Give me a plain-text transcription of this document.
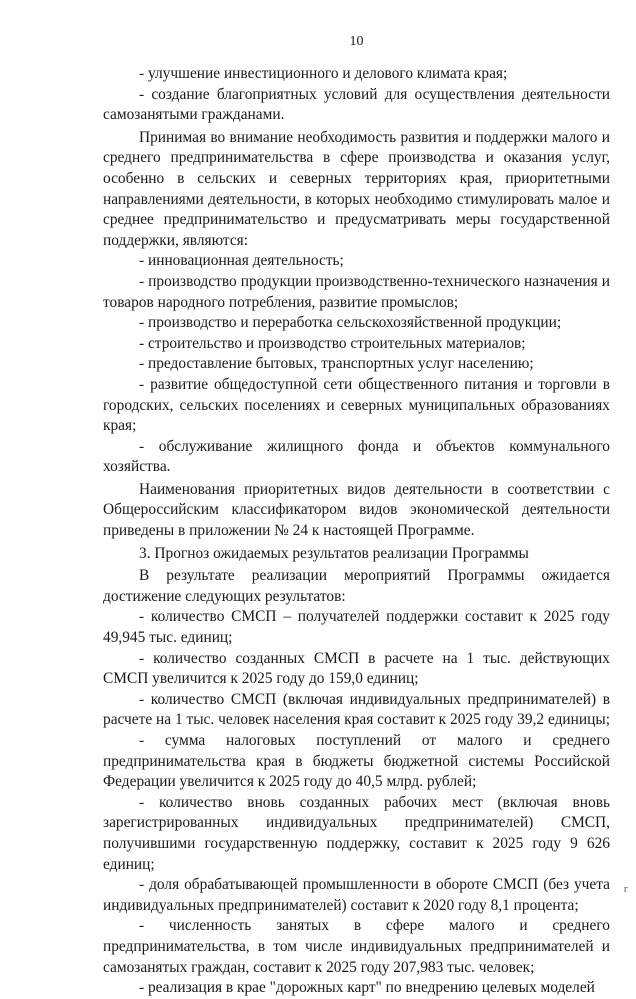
10

- улучшение инвестиционного и делового климата края;

- создание благоприятных условий для осуществления деятельности самозанятыми гражданами.

Принимая во внимание необходимость развития и поддержки малого и среднего предпринимательства в сфере производства и оказания услуг, особенно в сельских и северных территориях края, приоритетными направлениями деятельности, в которых необходимо стимулировать малое и среднее предпринимательство и предусматривать меры государственной поддержки, являются:

- инновационная деятельность;

- производство продукции производственно-технического назначения и товаров народного потребления, развитие промыслов;

- производство и переработка сельскохозяйственной продукции;

- строительство и производство строительных материалов;

- предоставление бытовых, транспортных услуг населению;

- развитие общедоступной сети общественного питания и торговли в городских, сельских поселениях и северных муниципальных образованиях края;

- обслуживание жилищного фонда и объектов коммунального хозяйства.

Наименования приоритетных видов деятельности в соответствии с Общероссийским классификатором видов экономической деятельности приведены в приложении № 24 к настоящей Программе.

3. Прогноз ожидаемых результатов реализации Программы

В результате реализации мероприятий Программы ожидается достижение следующих результатов:

- количество СМСП – получателей поддержки составит к 2025 году 49,945 тыс. единиц;

- количество созданных СМСП в расчете на 1 тыс. действующих СМСП увеличится к 2025 году до 159,0 единиц;

- количество СМСП (включая индивидуальных предпринимателей) в расчете на 1 тыс. человек населения края составит к 2025 году 39,2 единицы;

- сумма налоговых поступлений от малого и среднего предпринимательства края в бюджеты бюджетной системы Российской Федерации увеличится к 2025 году до 40,5 млрд. рублей;

- количество вновь созданных рабочих мест (включая вновь зарегистрированных индивидуальных предпринимателей) СМСП, получившими государственную поддержку, составит к 2025 году 9 626 единиц;

- доля обрабатывающей промышленности в обороте СМСП (без учета индивидуальных предпринимателей) составит к 2020 году 8,1 процента;

- численность занятых в сфере малого и среднего предпринимательства, в том числе индивидуальных предпринимателей и самозанятых граждан, составит к 2025 году 207,983 тыс. человек;

- реализация в крае "дорожных карт" по внедрению целевых моделей

г
